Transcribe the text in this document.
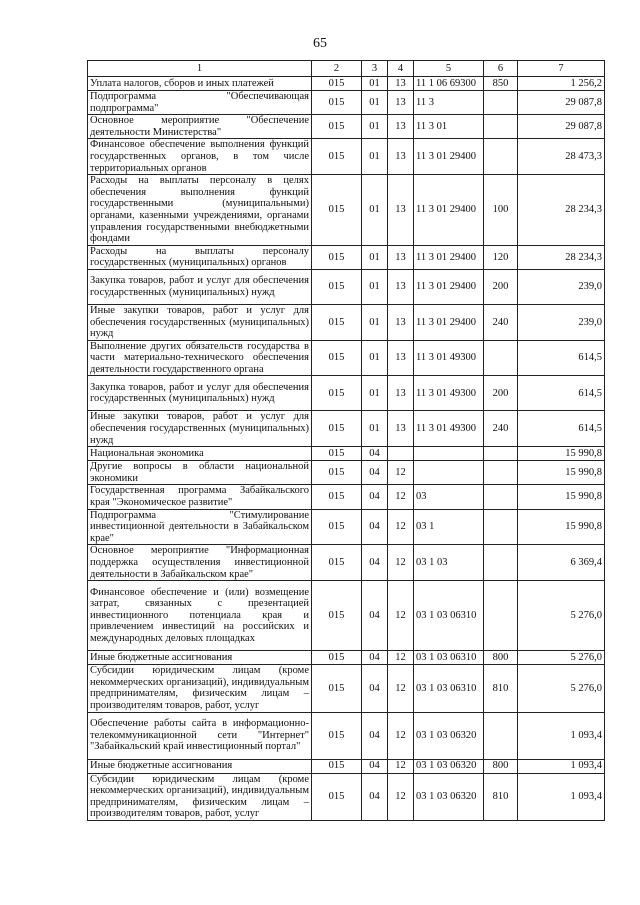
65
1	2	3	4	5	6	7
Уплата налогов, сборов и иных платежей	015	01	13	11 1 06 69300	850	1 256,2
Подпрограмма "Обеспечивающая подпрограмма"	015	01	13	11 3		29 087,8
Основное мероприятие "Обеспечение деятельности Министерства"	015	01	13	11 3 01		29 087,8
Финансовое обеспечение выполнения функций государственных органов, в том числе территориальных органов	015	01	13	11 3 01 29400		28 473,3
Расходы на выплаты персоналу в целях обеспечения выполнения функций государственными (муниципальными) органами, казенными учреждениями, органами управления государственными внебюджетными фондами	015	01	13	11 3 01 29400	100	28 234,3
Расходы на выплаты персоналу государственных (муниципальных) органов	015	01	13	11 3 01 29400	120	28 234,3
Закупка товаров, работ и услуг для обеспечения государственных (муниципальных) нужд	015	01	13	11 3 01 29400	200	239,0
Иные закупки товаров, работ и услуг для обеспечения государственных (муниципальных) нужд	015	01	13	11 3 01 29400	240	239,0
Выполнение других обязательств государства в части материально-технического обеспечения деятельности государственного органа	015	01	13	11 3 01 49300		614,5
Закупка товаров, работ и услуг для обеспечения государственных (муниципальных) нужд	015	01	13	11 3 01 49300	200	614,5
Иные закупки товаров, работ и услуг для обеспечения государственных (муниципальных) нужд	015	01	13	11 3 01 49300	240	614,5
Национальная экономика	015	04				15 990,8
Другие вопросы в области национальной экономики	015	04	12			15 990,8
Государственная программа Забайкальского края "Экономическое развитие"	015	04	12	03		15 990,8
Подпрограмма "Стимулирование инвестиционной деятельности в Забайкальском крае"	015	04	12	03 1		15 990,8
Основное мероприятие "Информационная поддержка осуществления инвестиционной деятельности в Забайкальском крае"	015	04	12	03 1 03		6 369,4
Финансовое обеспечение и (или) возмещение затрат, связанных с презентацией инвестиционного потенциала края и привлечением инвестиций на российских и международных деловых площадках	015	04	12	03 1 03 06310		5 276,0
Иные бюджетные ассигнования	015	04	12	03 1 03 06310	800	5 276,0
Субсидии юридическим лицам (кроме некоммерческих организаций), индивидуальным предпринимателям, физическим лицам – производителям товаров, работ, услуг	015	04	12	03 1 03 06310	810	5 276,0
Обеспечение работы сайта в информационно-телекоммуникационной сети "Интернет" "Забайкальский край инвестиционный портал"	015	04	12	03 1 03 06320		1 093,4
Иные бюджетные ассигнования	015	04	12	03 1 03 06320	800	1 093,4
Субсидии юридическим лицам (кроме некоммерческих организаций), индивидуальным предпринимателям, физическим лицам – производителям товаров, работ, услуг	015	04	12	03 1 03 06320	810	1 093,4
